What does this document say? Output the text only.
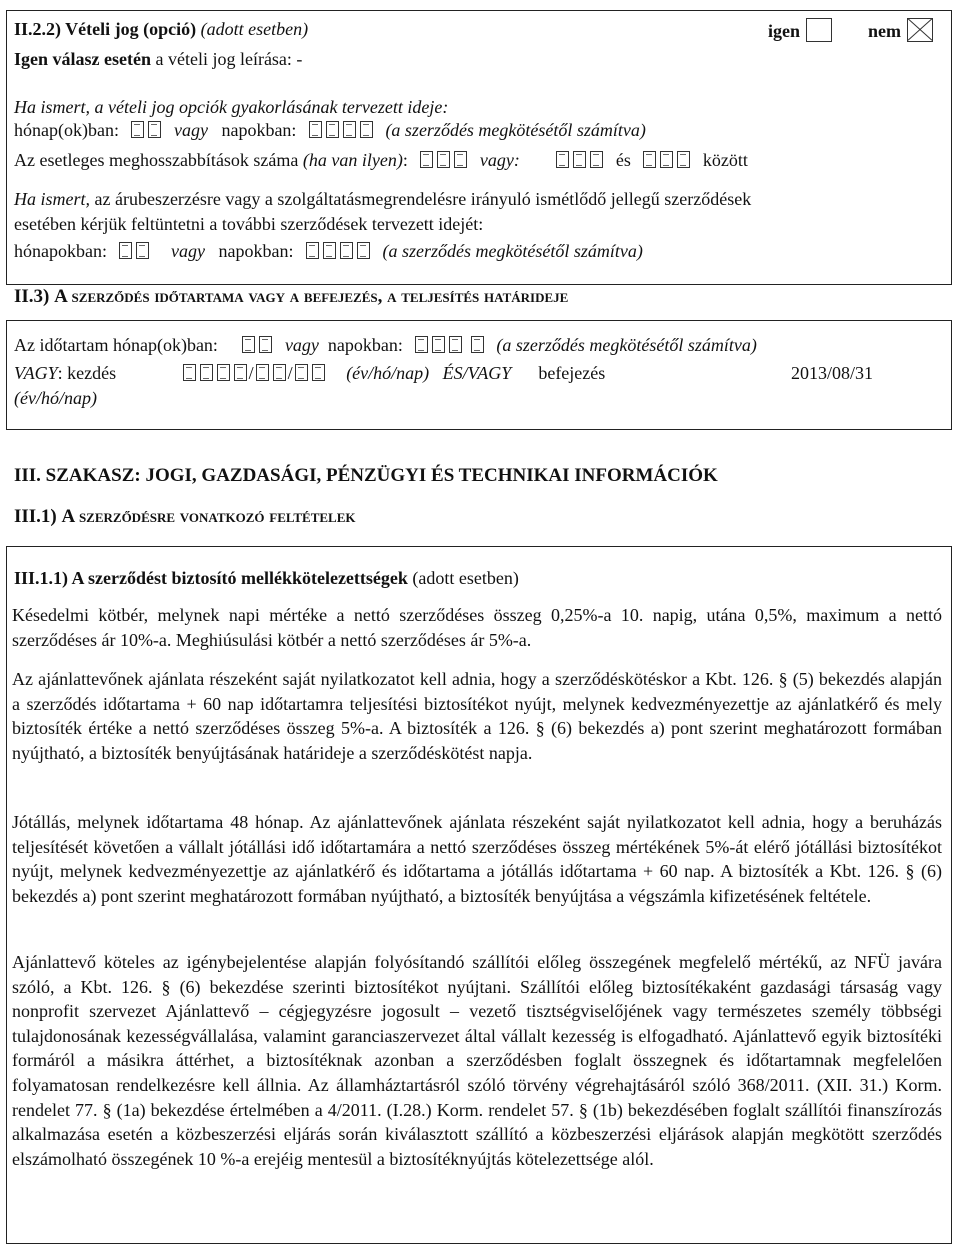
II.2.2) Vételi jog (opció) (adott esetben)	igen	nem
Igen válasz esetén a vételi jog leírása: -
Ha ismert, a vételi jog opciók gyakorlásának tervezett ideje:
hónap(ok)ban:	vagy napokban:	(a szerződés megkötésétől számítva)
Az esetleges meghosszabbítások száma (ha van ilyen):	vagy:	és	között
Ha ismert, az árubeszerzésre vagy a szolgáltatásmegrendelésre irányuló ismétlődő jellegű szerződések
esetében kérjük feltüntetni a további szerződések tervezett idejét:
hónapokban:	vagy napokban:	(a szerződés megkötésétől számítva)
II.3) A szerződés időtartama vagy a befejezés, a teljesítés határideje
Az időtartam hónap(ok)ban:	vagy napokban:	(a szerződés megkötésétől számítva)
VAGY: kezdés	/ /	(év/hó/nap) ÉS/VAGY befejezés	2013/08/31
(év/hó/nap)
III. SZAKASZ: JOGI, GAZDASÁGI, PÉNZÜGYI ÉS TECHNIKAI INFORMÁCIÓK
III.1) A szerződésre vonatkozó feltételek
III.1.1) A szerződést biztosító mellékkötelezettségek (adott esetben)
Késedelmi kötbér, melynek napi mértéke a nettó szerződéses összeg 0,25%-a 10. napig, utána 0,5%, maximum a nettó szerződéses ár 10%-a. Meghiúsulási kötbér a nettó szerződéses ár 5%-a.
Az ajánlattevőnek ajánlata részeként saját nyilatkozatot kell adnia, hogy a szerződéskötéskor a Kbt. 126. § (5) bekezdés alapján a szerződés időtartama + 60 nap időtartamra teljesítési biztosítékot nyújt, melynek kedvezményezettje az ajánlatkérő és mely biztosíték értéke a nettó szerződéses összeg 5%-a. A biztosíték a 126. § (6) bekezdés a) pont szerint meghatározott formában nyújtható, a biztosíték benyújtásának határideje a szerződéskötést napja.
Jótállás, melynek időtartama 48 hónap. Az ajánlattevőnek ajánlata részeként saját nyilatkozatot kell adnia, hogy a beruházás teljesítését követően a vállalt jótállási idő időtartamára a nettó szerződéses összeg mértékének 5%-át elérő jótállási biztosítékot nyújt, melynek kedvezményezettje az ajánlatkérő és időtartama a jótállás időtartama + 60 nap. A biztosíték a Kbt. 126. § (6) bekezdés a) pont szerint meghatározott formában nyújtható, a biztosíték benyújtása a végszámla kifizetésének feltétele.
Ajánlattevő köteles az igénybejelentése alapján folyósítandó szállítói előleg összegének megfelelő mértékű, az NFÜ javára szóló, a Kbt. 126. § (6) bekezdése szerinti biztosítékot nyújtani. Szállítói előleg biztosítékaként gazdasági társaság vagy nonprofit szervezet Ajánlattevő – cégjegyzésre jogosult – vezető tisztségviselőjének vagy természetes személy többségi tulajdonosának kezességvállalása, valamint garanciaszervezet által vállalt kezesség is elfogadható. Ajánlattevő egyik biztosítéki formáról a másikra áttérhet, a biztosítéknak azonban a szerződésben foglalt összegnek és időtartamnak megfelelően folyamatosan rendelkezésre kell állnia. Az államháztartásról szóló törvény végrehajtásáról szóló 368/2011. (XII. 31.) Korm. rendelet 77. § (1a) bekezdése értelmében a 4/2011. (I.28.) Korm. rendelet 57. § (1b) bekezdésében foglalt szállítói finanszírozás alkalmazása esetén a közbeszerzési eljárás során kiválasztott szállító a közbeszerzési eljárások alapján megkötött szerződés elszámolható összegének 10 %-a erejéig mentesül a biztosítéknyújtás kötelezettsége alól.
